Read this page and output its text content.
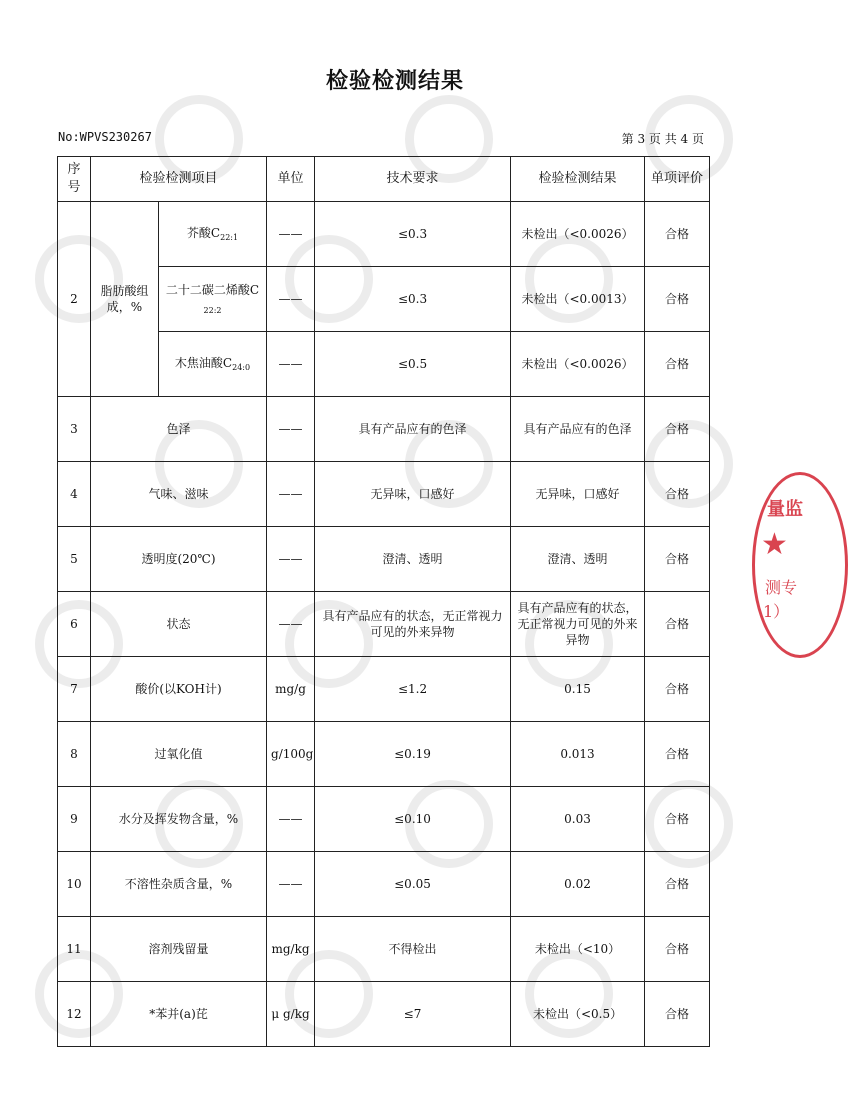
检验检测结果
No:WPVS230267	第 3 页 共 4 页
序号	检验检测项目		单位	技术要求	检验检测结果	单项评价
2	脂肪酸组成，%	芥酸$C_{22:1}$	——	≤0.3	未检出（<0.0026）	合格
		二十二碳二烯酸C
$_{22:2}$	——	≤0.3	未检出（<0.0013）	合格
		木焦油酸$C_{24:0}$	——	≤0.5	未检出（<0.0026）	合格
3	色泽		——	具有产品应有的色泽	具有产品应有的色泽	合格
4	气味、滋味		——	无异味，口感好	无异味，口感好	合格
5	透明度(20℃)		——	澄清、透明	澄清、透明	合格
6	状态		——	具有产品应有的状态，无正常视力可见的外来异物	具有产品应有的状态，无正常视力可见的外来异物	合格
7	酸价(以KOH计)		mg/g	≤1.2	0.15	合格
8	过氧化值		g/100g	≤0.19	0.013	合格
9	水分及挥发物含量，%		——	≤0.10	0.03	合格
10	不溶性杂质含量，%		——	≤0.05	0.02	合格
11	溶剂残留量		mg/kg	不得检出	未检出（<10）	合格
12	*苯并(a)芘		μ g/kg	≤7	未检出（<0.5）	合格
量监
★
测专
1）
